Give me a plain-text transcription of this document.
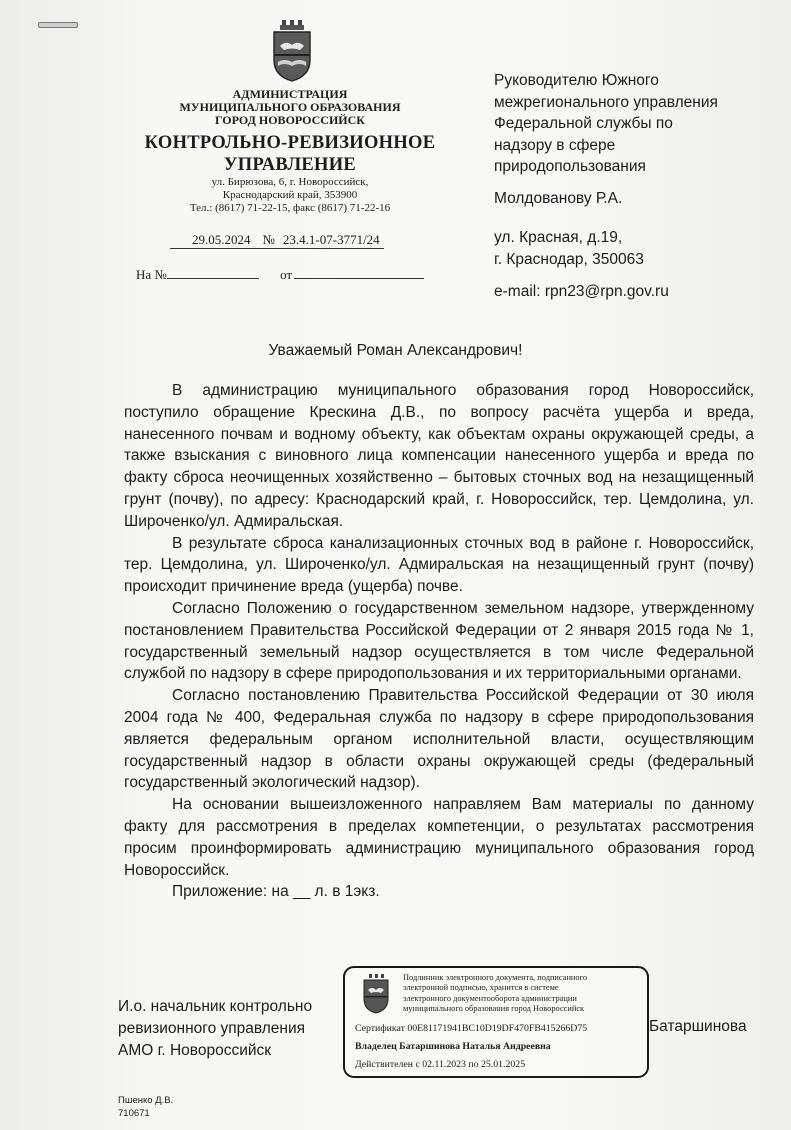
АДМИНИСТРАЦИЯ
МУНИЦИПАЛЬНОГО ОБРАЗОВАНИЯ
ГОРОД НОВОРОССИЙСК
КОНТРОЛЬНО-РЕВИЗИОННОЕ
УПРАВЛЕНИЕ
ул. Бирюзова, 6, г. Новороссийск,
Краснодарский край, 353900
Тел.: (8617) 71-22-15, факс (8617) 71-22-16
29.05.2024 № 23.4.1-07-3771/24
На №	от
Руководителю Южного
межрегионального управления
Федеральной службы по
надзору в сфере
природопользования
Молдованову Р.А.
ул. Красная, д.19,
г. Краснодар, 350063
e-mail: rpn23@rpn.gov.ru
Уважаемый Роман Александрович!

В администрацию муниципального образования город Новороссийск, поступило обращение Крескина Д.В., по вопросу расчёта ущерба и вреда, нанесенного почвам и водному объекту, как объектам охраны окружающей среды, а также взыскания с виновного лица компенсации нанесенного ущерба и вреда по факту сброса неочищенных хозяйственно – бытовых сточных вод на незащищенный грунт (почву), по адресу: Краснодарский край, г. Новороссийск, тер. Цемдолина, ул. Широченко/ул. Адмиральская.

В результате сброса канализационных сточных вод в районе г. Новороссийск, тер. Цемдолина, ул. Широченко/ул. Адмиральская на незащищенный грунт (почву) происходит причинение вреда (ущерба) почве.

Согласно Положению о государственном земельном надзоре, утвержденному постановлением Правительства Российской Федерации от 2 января 2015 года № 1, государственный земельный надзор осуществляется в том числе Федеральной службой по надзору в сфере природопользования и их территориальными органами.

Согласно постановлению Правительства Российской Федерации от 30 июля 2004 года № 400, Федеральная служба по надзору в сфере природопользования является федеральным органом исполнительной власти, осуществляющим государственный надзор в области охраны окружающей среды (федеральный государственный экологический надзор).

На основании вышеизложенного направляем Вам материалы по данному факту для рассмотрения в пределах компетенции, о результатах рассмотрения просим проинформировать администрацию муниципального образования город Новороссийск.

Приложение: на __ л. в 1экз.

И.о. начальник контрольно
ревизионного управления
АМО г. Новороссийск
Подлинник электронного документа, подписанного
электронной подписью, хранится в системе
электронного документооборота администрации
муниципального образования город Новороссийск
Сертификат 00E81171941BC10D19DF470FB415266D75
Владелец Батаршинова Наталья Андреевна
Действителен с 02.11.2023 по 25.01.2025
Батаршинова
Пшенко Д.В.
710671
